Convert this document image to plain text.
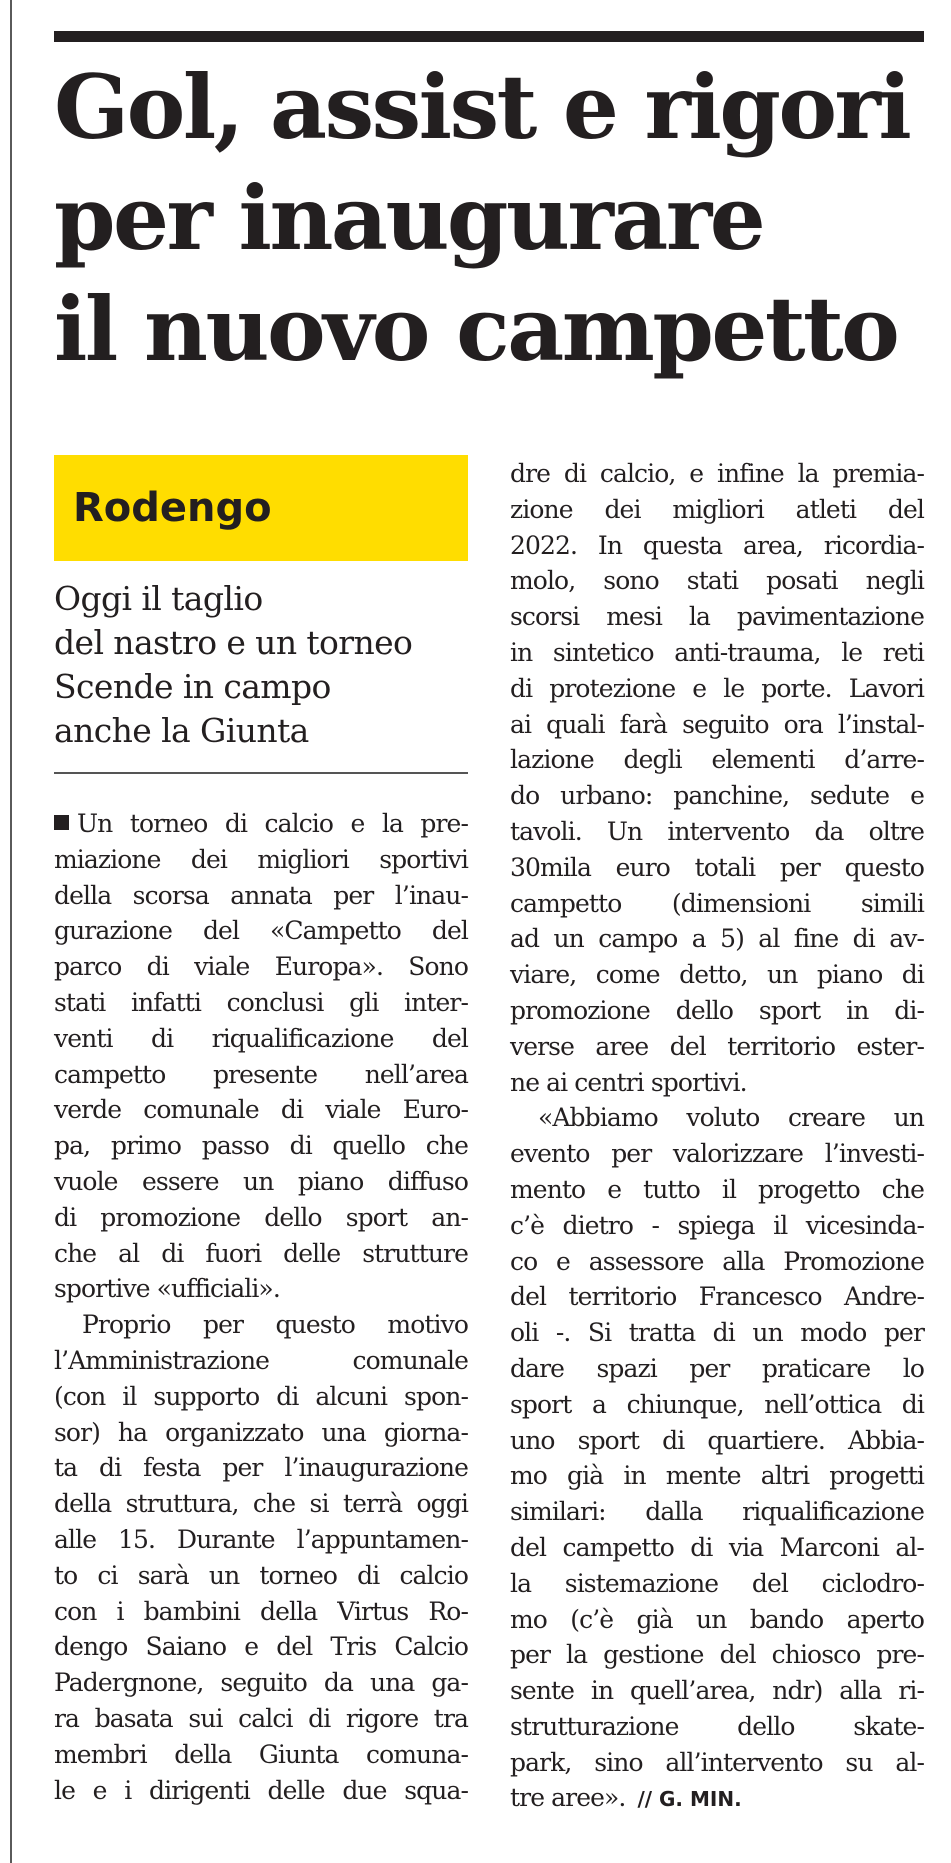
Gol, assist e rigori
per inaugurare
il nuovo campetto
Rodengo
Oggi il taglio
del nastro e un torneo
Scende in campo
anche la Giunta
Un torneo di calcio e la pre-
miazione dei migliori sportivi
della scorsa annata per l’inau-
gurazione del «Campetto del
parco di viale Europa». Sono
stati infatti conclusi gli inter-
venti di riqualificazione del
campetto presente nell’area
verde comunale di viale Euro-
pa, primo passo di quello che
vuole essere un piano diffuso
di promozione dello sport an-
che al di fuori delle strutture
sportive «ufficiali».
Proprio per questo motivo
l’Amministrazione comunale
(con il supporto di alcuni spon-
sor) ha organizzato una giorna-
ta di festa per l’inaugurazione
della struttura, che si terrà oggi
alle 15. Durante l’appuntamen-
to ci sarà un torneo di calcio
con i bambini della Virtus Ro-
dengo Saiano e del Tris Calcio
Padergnone, seguito da una ga-
ra basata sui calci di rigore tra
membri della Giunta comuna-
le e i dirigenti delle due squa-
dre di calcio, e infine la premia-
zione dei migliori atleti del
2022. In questa area, ricordia-
molo, sono stati posati negli
scorsi mesi la pavimentazione
in sintetico anti-trauma, le reti
di protezione e le porte. Lavori
ai quali farà seguito ora l’instal-
lazione degli elementi d’arre-
do urbano: panchine, sedute e
tavoli. Un intervento da oltre
30mila euro totali per questo
campetto (dimensioni simili
ad un campo a 5) al fine di av-
viare, come detto, un piano di
promozione dello sport in di-
verse aree del territorio ester-
ne ai centri sportivi.
«Abbiamo voluto creare un
evento per valorizzare l’investi-
mento e tutto il progetto che
c’è dietro - spiega il vicesinda-
co e assessore alla Promozione
del territorio Francesco Andre-
oli -. Si tratta di un modo per
dare spazi per praticare lo
sport a chiunque, nell’ottica di
uno sport di quartiere. Abbia-
mo già in mente altri progetti
similari: dalla riqualificazione
del campetto di via Marconi al-
la sistemazione del ciclodro-
mo (c’è già un bando aperto
per la gestione del chiosco pre-
sente in quell’area, ndr) alla ri-
strutturazione dello skate-
park, sino all’intervento su al-
tre aree». // G. MIN.
